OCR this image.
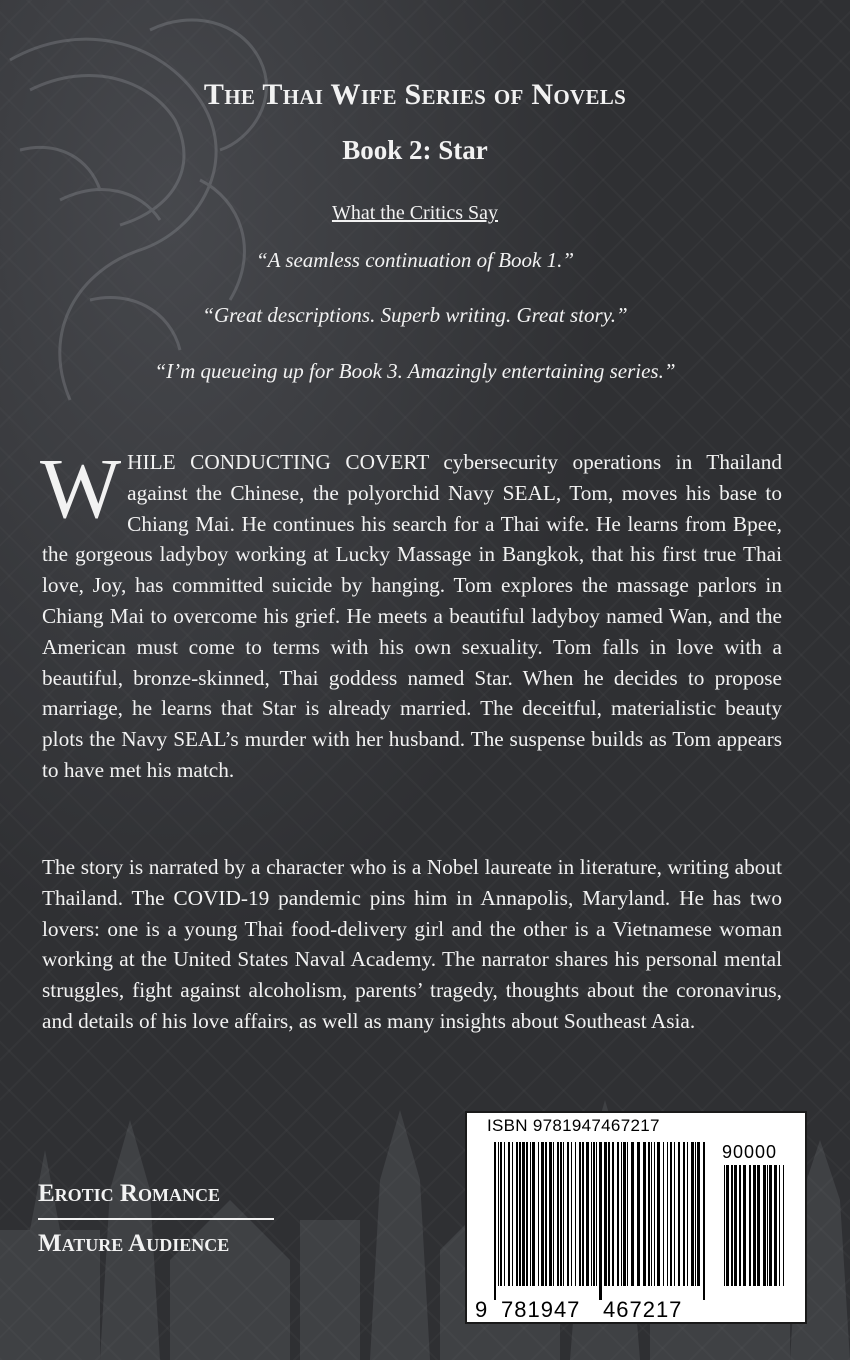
The Thai Wife Series of Novels
Book 2: Star
What the Critics Say
“A seamless continuation of Book 1.”
“Great descriptions. Superb writing. Great story.”
“I’m queueing up for Book 3. Amazingly entertaining series.”

WHILE CONDUCTING COVERT cybersecurity operations in Thailand against the Chinese, the polyorchid Navy SEAL, Tom, moves his base to Chiang Mai. He continues his search for a Thai wife. He learns from Bpee, the gorgeous ladyboy working at Lucky Massage in Bangkok, that his first true Thai love, Joy, has committed suicide by hanging. Tom explores the massage parlors in Chiang Mai to overcome his grief. He meets a beautiful ladyboy named Wan, and the American must come to terms with his own sexuality. Tom falls in love with a beautiful, bronze-skinned, Thai goddess named Star. When he decides to propose marriage, he learns that Star is already married. The deceitful, materialistic beauty plots the Navy SEAL’s murder with her husband. The suspense builds as Tom appears to have met his match.

The story is narrated by a character who is a Nobel laureate in literature, writing about Thailand. The COVID-19 pandemic pins him in Annapolis, Maryland. He has two lovers: one is a young Thai food-delivery girl and the other is a Vietnamese woman working at the United States Naval Academy. The narrator shares his personal mental struggles, fight against alcoholism, parents’ tragedy, thoughts about the coronavirus, and details of his love affairs, as well as many insights about Southeast Asia.

Erotic Romance
Mature Audience
ISBN 9781947467217
90000
9 781947 467217
